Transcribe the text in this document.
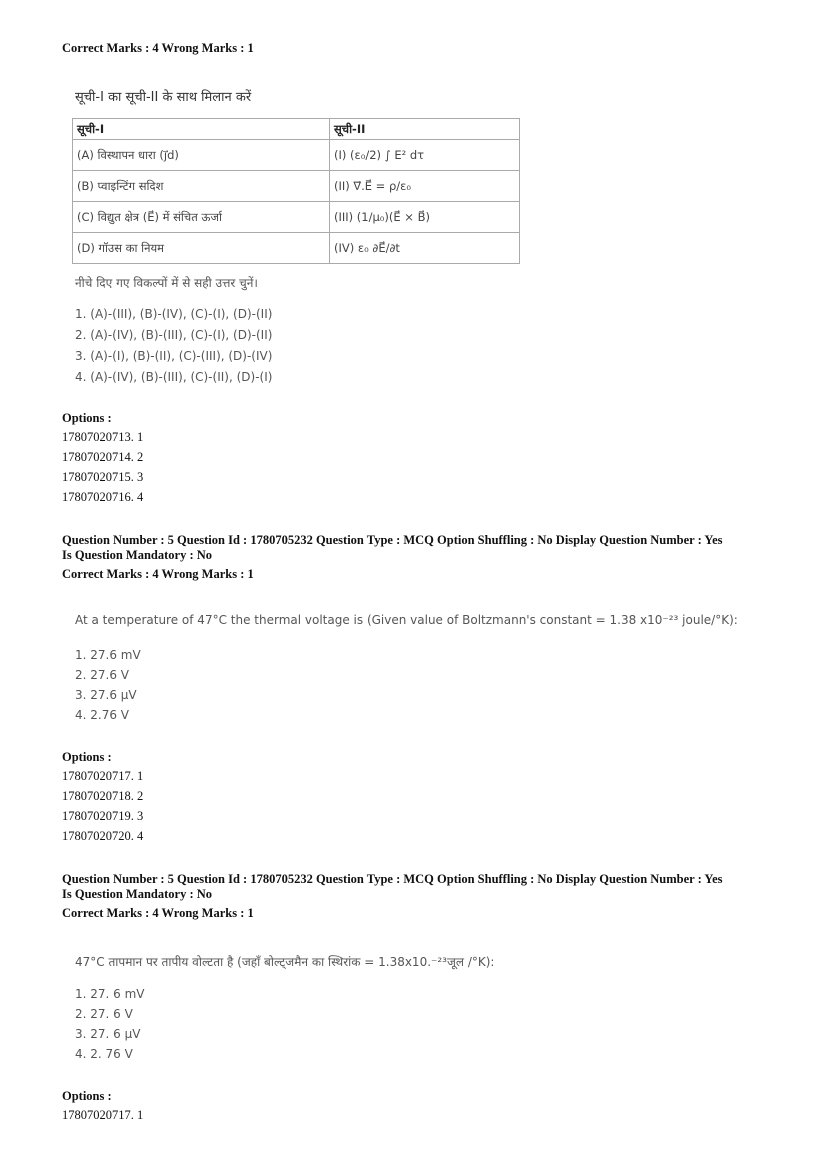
Correct Marks : 4 Wrong Marks : 1
सूची-I का सूची-II के साथ मिलान करें
सूची-I	सूची-II
(A) विस्थापन धारा (j⃗d)	(I) (ε₀/2) ∫ E² dτ
(B) प्वाइन्टिंग सदिश	(II) ∇⃗.E⃗ = ρ/ε₀
(C) विद्युत क्षेत्र (E⃗) में संचित ऊर्जा	(III) (1/μ₀)(E⃗ × B⃗)
(D) गॉउस का नियम	(IV) ε₀ ∂E⃗/∂t
नीचे दिए गए विकल्पों में से सही उत्तर चुनें।
1. (A)-(III), (B)-(IV), (C)-(I), (D)-(II)
2. (A)-(IV), (B)-(III), (C)-(I), (D)-(II)
3. (A)-(I), (B)-(II), (C)-(III), (D)-(IV)
4. (A)-(IV), (B)-(III), (C)-(II), (D)-(I)
Options :
17807020713. 1
17807020714. 2
17807020715. 3
17807020716. 4
Question Number : 5 Question Id : 1780705232 Question Type : MCQ Option Shuffling : No Display Question Number : Yes
Is Question Mandatory : No
Correct Marks : 4 Wrong Marks : 1
At a temperature of 47°C the thermal voltage is (Given value of Boltzmann's constant = 1.38 x10⁻²³ joule/°K):
1. 27.6 mV
2. 27.6 V
3. 27.6 μV
4. 2.76 V
Options :
17807020717. 1
17807020718. 2
17807020719. 3
17807020720. 4
Question Number : 5 Question Id : 1780705232 Question Type : MCQ Option Shuffling : No Display Question Number : Yes
Is Question Mandatory : No
Correct Marks : 4 Wrong Marks : 1
47°C तापमान पर तापीय वोल्टता है (जहाँ बोल्ट्जमैन का स्थिरांक = 1.38x10.⁻²³जूल /°K):
1. 27. 6 mV
2. 27. 6 V
3. 27. 6 μV
4. 2. 76 V
Options :
17807020717. 1
